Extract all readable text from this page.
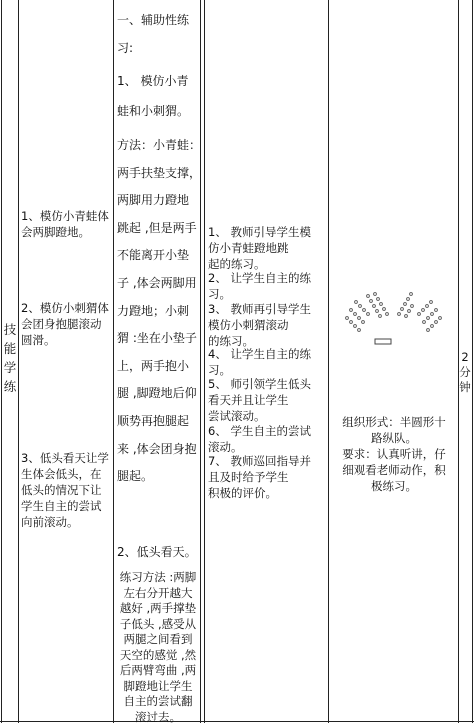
技
能
学
练
1、模仿小青蛙体
会两脚蹬地。
2、模仿小刺猬体
会团身抱腿滚动
圆滑。
3、低头看天让学
生体会低头，在
低头的情况下让
学生自主的尝试
向前滚动。
一、辅助性练
习:
1、 模仿小青
蛙和小刺猬。
方法：小青蛙：
两手扶垫支撑，
两脚用力蹬地
跳起 ,但是两手
不能离开小垫
子 ,体会两脚用
力蹬地；小刺
猬 :坐在小垫子
上，两手抱小
腿 ,脚蹬地后仰
顺势再抱腿起
来 ,体会团身抱
腿起。
2、低头看天。
练习方法 :两脚
左右分开越大
越好 ,两手撑垫
子低头 ,感受从
两腿之间看到
天空的感觉 ,然
后两臂弯曲 ,两
脚蹬地让学生
自主的尝试翻
滚过去。
1、 教师引导学生模
仿小青蛙蹬地跳
起的练习。
2、 让学生自主的练
习。
3、 教师再引导学生
模仿小刺猬滚动
的练习。
4、 让学生自主的练
习。
5、 师引领学生低头
看天并且让学生
尝试滚动。
6、 学生自主的尝试
滚动。
7、 教师巡回指导并
且及时给予学生
积极的评价。
组织形式：半圆形十
路纵队。
要求：认真听讲，仔
细观看老师动作，积
极练习。
2
分
钟
